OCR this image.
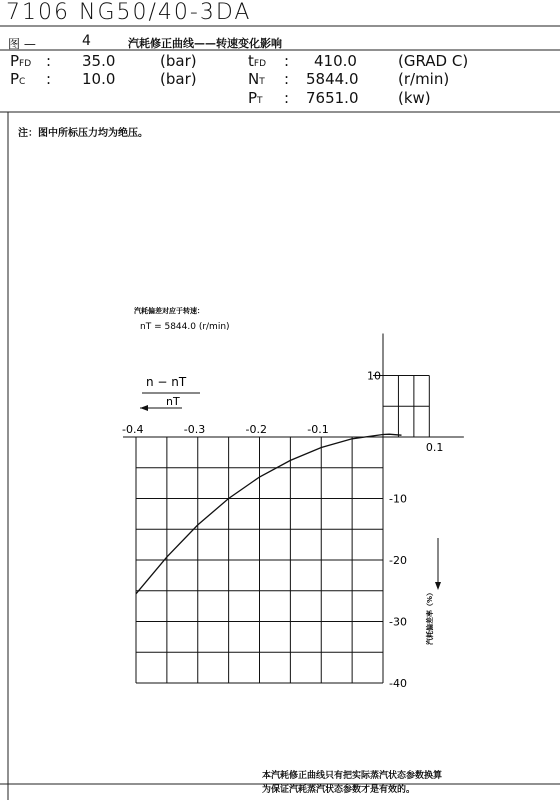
7106 NG50/40-3DA
图 —	4	汽耗修正曲线——转速变化影响
PFD : 35.0	(bar)
PC : 10.0	(bar)
tFD : 410.0	(GRAD C)
NT : 5844.0	(r/min)
PT : 7651.0	(kw)
注：图中所标压力均为绝压。
-0.4	-0.3	-0.2	-0.1
0.1
10
-10
-20
-30
-40
汽耗偏差对应于转速：
nT = 5844.0 (r/min)
n − nT
nT
汽耗偏差率（%）
本汽耗修正曲线只有把实际蒸汽状态参数换算
为保证汽耗蒸汽状态参数才是有效的。
